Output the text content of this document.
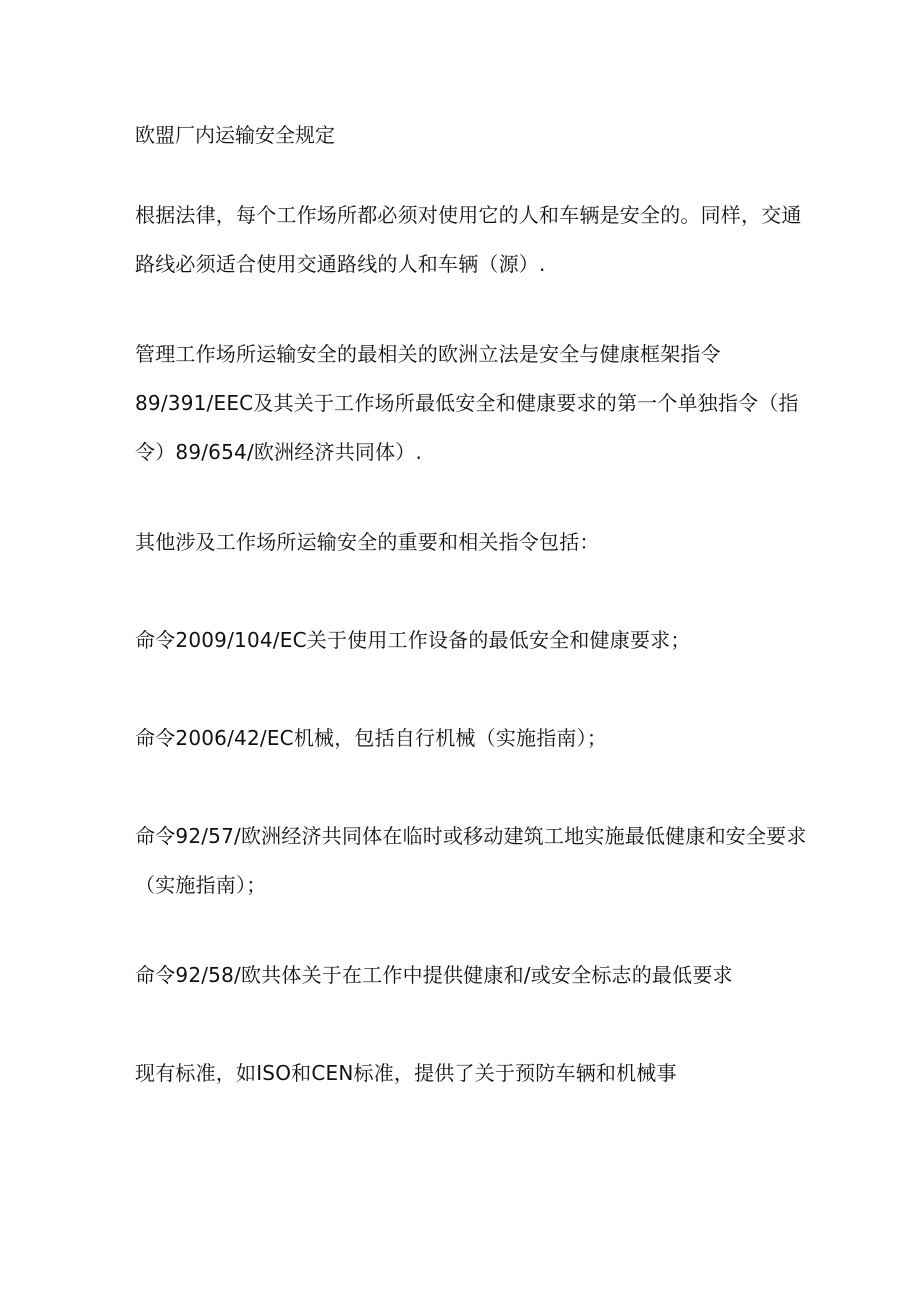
欧盟厂内运输安全规定
根据法律，每个工作场所都必须对使用它的人和车辆是安全的。同样，交通路线必须适合使用交通路线的人和车辆（源）.
管理工作场所运输安全的最相关的欧洲立法是安全与健康框架指令89/391/EEC及其关于工作场所最低安全和健康要求的第一个单独指令（指令）89/654/欧洲经济共同体）.
其他涉及工作场所运输安全的重要和相关指令包括：
命令2009/104/EC关于使用工作设备的最低安全和健康要求；
命令2006/42/EC机械，包括自行机械（实施指南）；
命令92/57/欧洲经济共同体在临时或移动建筑工地实施最低健康和安全要求（实施指南）；
命令92/58/欧共体关于在工作中提供健康和/或安全标志的最低要求
现有标准，如ISO和CEN标准，提供了关于预防车辆和机械事
